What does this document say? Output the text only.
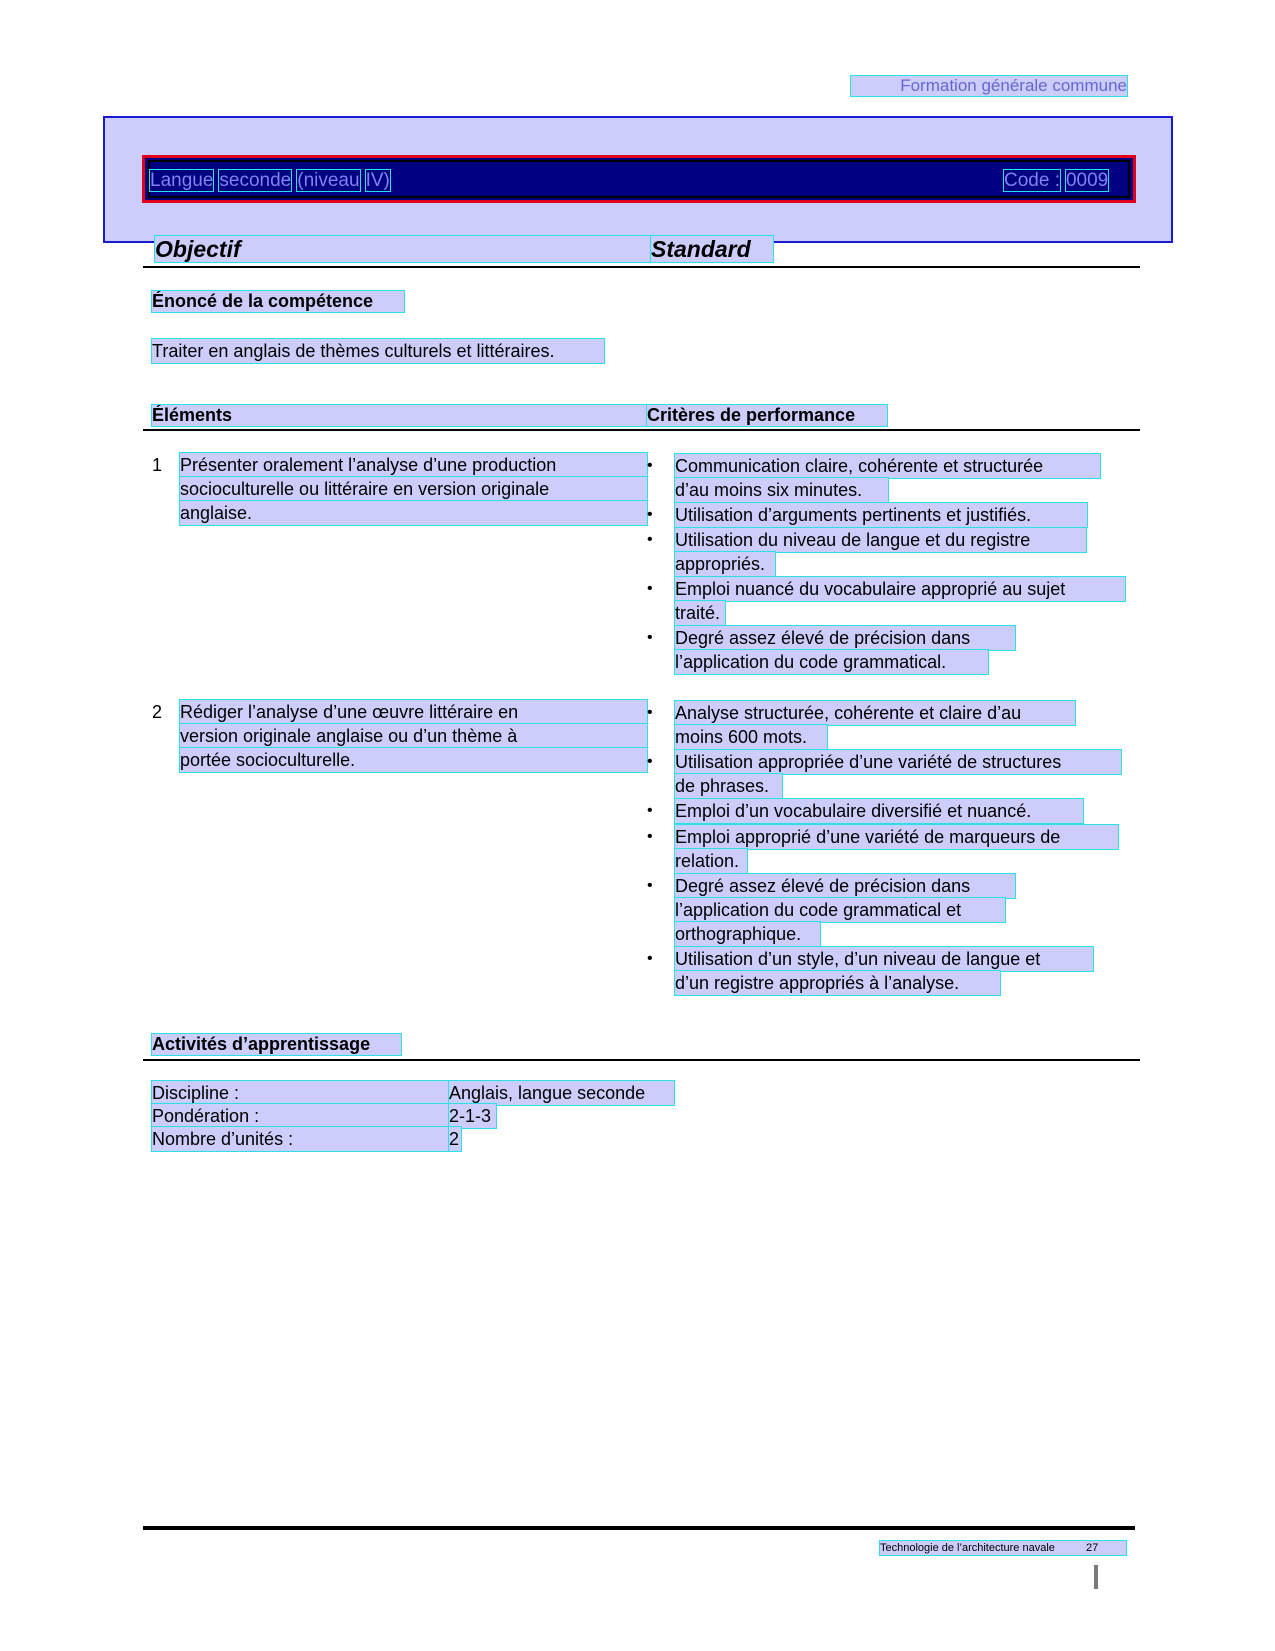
Formation générale commune
Langue seconde (niveau IV)	Code : 0009
Objectif	Standard
Énoncé de la compétence
Traiter en anglais de thèmes culturels et littéraires.
Éléments	Critères de performance
1 Présenter oralement l’analyse d’une production
socioculturelle ou littéraire en version originale
anglaise.
• Communication claire, cohérente et structurée
d’au moins six minutes.
• Utilisation d’arguments pertinents et justifiés.
• Utilisation du niveau de langue et du registre
appropriés.
• Emploi nuancé du vocabulaire approprié au sujet
traité.
• Degré assez élevé de précision dans
l’application du code grammatical.
2 Rédiger l’analyse d’une œuvre littéraire en
version originale anglaise ou d’un thème à
portée socioculturelle.
• Analyse structurée, cohérente et claire d’au
moins 600 mots.
• Utilisation appropriée d’une variété de structures
de phrases.
• Emploi d’un vocabulaire diversifié et nuancé.
• Emploi approprié d’une variété de marqueurs de
relation.
• Degré assez élevé de précision dans
l’application du code grammatical et
orthographique.
• Utilisation d’un style, d’un niveau de langue et
d’un registre appropriés à l’analyse.
Activités d’apprentissage
Discipline :	Anglais, langue seconde
Pondération :	2-1-3
Nombre d’unités :	2
Technologie de l’architecture navale	27
